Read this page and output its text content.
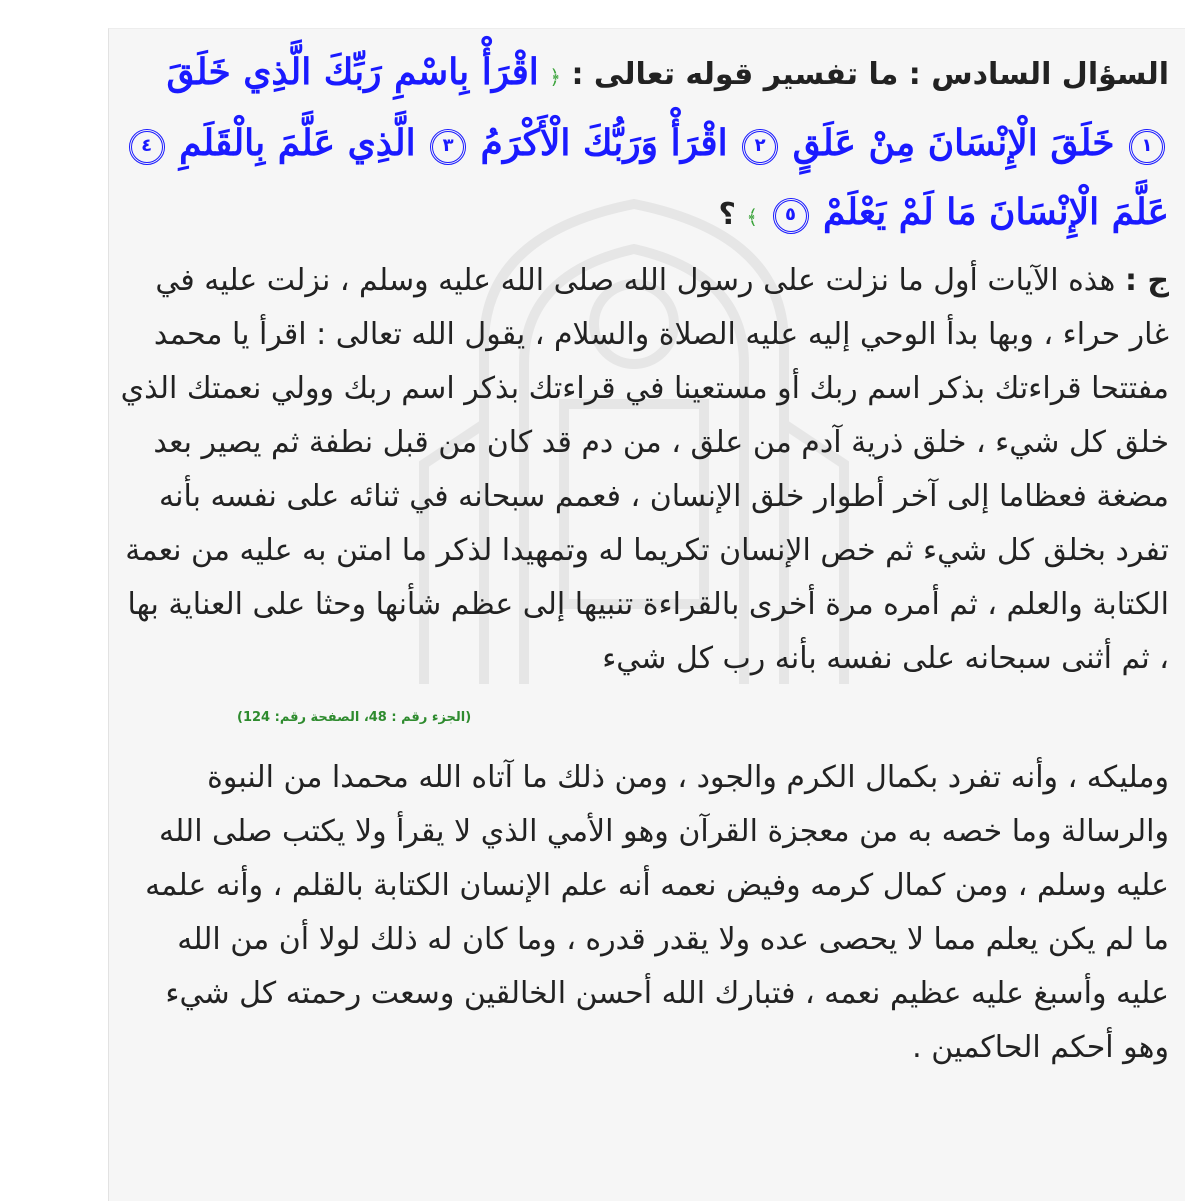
السؤال السادس : ما تفسير قوله تعالى : ﴿ اقْرَأْ بِاسْمِ رَبِّكَ الَّذِي خَلَقَ ١ خَلَقَ الْإِنْسَانَ مِنْ عَلَقٍ ٢ اقْرَأْ وَرَبُّكَ الْأَكْرَمُ ٣ الَّذِي عَلَّمَ بِالْقَلَمِ ٤ عَلَّمَ الْإِنْسَانَ مَا لَمْ يَعْلَمْ ٥ ﴾ ؟

ج : هذه الآيات أول ما نزلت على رسول الله صلى الله عليه وسلم ، نزلت عليه في غار حراء ، وبها بدأ الوحي إليه عليه الصلاة والسلام ، يقول الله تعالى : اقرأ يا محمد مفتتحا قراءتك بذكر اسم ربك أو مستعينا في قراءتك بذكر اسم ربك وولي نعمتك الذي خلق كل شيء ، خلق ذرية آدم من علق ، من دم قد كان من قبل نطفة ثم يصير بعد مضغة فعظاما إلى آخر أطوار خلق الإنسان ، فعمم سبحانه في ثنائه على نفسه بأنه تفرد بخلق كل شيء ثم خص الإنسان تكريما له وتمهيدا لذكر ما امتن به عليه من نعمة الكتابة والعلم ، ثم أمره مرة أخرى بالقراءة تنبيها إلى عظم شأنها وحثا على العناية بها ، ثم أثنى سبحانه على نفسه بأنه رب كل شيء

(الجزء رقم : 48، الصفحة رقم: 124)

ومليكه ، وأنه تفرد بكمال الكرم والجود ، ومن ذلك ما آتاه الله محمدا من النبوة والرسالة وما خصه به من معجزة القرآن وهو الأمي الذي لا يقرأ ولا يكتب صلى الله عليه وسلم ، ومن كمال كرمه وفيض نعمه أنه علم الإنسان الكتابة بالقلم ، وأنه علمه ما لم يكن يعلم مما لا يحصى عده ولا يقدر قدره ، وما كان له ذلك لولا أن من الله عليه وأسبغ عليه عظيم نعمه ، فتبارك الله أحسن الخالقين وسعت رحمته كل شيء وهو أحكم الحاكمين .
